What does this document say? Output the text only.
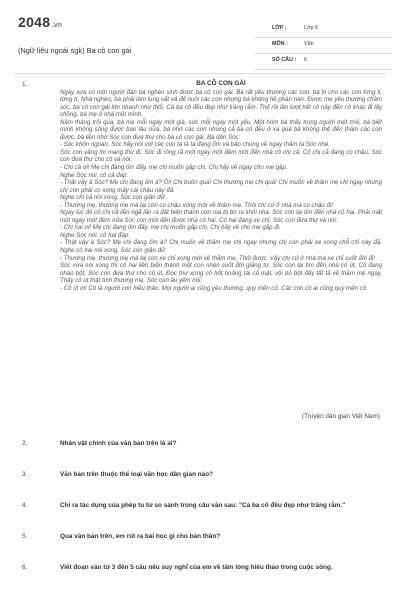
2048.vn
(Ngữ liệu ngoài sgk) Ba cô con gái
LỚP :	Lớp 6
MÔN :	Văn
SỐ CÂU : 6
1.	BA CÔ CON GÁI

Ngày xưa có một người đàn bà nghèo sinh được ba cô con gái. Bà rất yêu thương các con, bà lo cho các con từng li, từng tí. Nhà nghèo, bà phải làm lụng vất vả để nuôi các con nhưng bà không hề phàn nàn. Được mẹ yêu thương chăm sóc, ba cô con gái lớn nhanh như thổi. Cả ba cô đều đẹp như trăng rằm. Thế rồi lần lượt hết cô này đến cô khác đi lấy chồng, bà mẹ ở nhà một mình.

Năm tháng trôi qua, bà mẹ mỗi ngày một già, sức mỗi ngày một yếu. Một hôm bà thấy trong người mệt mỏi, bà biết mình không sống được bao lâu nữa, bà nhớ các con nhưng cả ba cô đều ở xa quá bà không thể đến thăm các con được, bà liền nhờ Sóc con đưa thư cho ba cô con gái. Bà dặn Sóc:

- Sóc khôn ngoan, Sóc hãy nói với các con ta là ta đang ốm và bảo chúng về ngay thăm ta Sóc nhé.

Sóc con vâng lời mang thư đi. Sóc đi ròng rã một ngày một đêm mới đến nhà cô chị cả. Cô chị cả đang cọ chậu. Sóc con đưa thư cho cô và nói:

- Chị cả ơi! Mẹ chị đang ốm đấy, mẹ chị muốn gặp chị. Chị hãy về ngay cho mẹ gặp.

Nghe Sóc nói, cô cả đáp:

- Thật vậy à Sóc? Mẹ chị đang ốm à? Ôi! Chị buồn quá! Chị thương mẹ chị quá! Chị muốn về thăm mẹ chị ngay nhưng chị còn phải cọ xong mấy cái chậu này đã.

Nghe chị cả nói xong, Sóc con giận dữ:

- Thương mẹ, thương mẹ mà lại còn cọ chậu xong mới về thăm mẹ. Thôi chị cứ ở nhà mà cọ chậu đi!

Ngay lúc đó cô chị cả liền ngã lăn ra đất biến thành con rùa to bò ra khỏi nhà. Sóc con lại tìm đến nhà cô hai. Phải mất một ngày một đêm nữa Sóc con mới đến được nhà cô hai. Cô hai đang xe chỉ. Sóc con đưa thư và nói:

- Chị hai ơi! Mẹ chị đang ốm đấy, mẹ chị muốn gặp chị. Chị hãy về cho mẹ gặp đi.

Nghe Sóc nói, cô hai đáp:

- Thật vậy à Sóc? Mẹ chị đang ốm à? Chị muốn về thăm mẹ chị ngay nhưng chị còn phải xe xong chỗ chỉ này đã. Nghe cô hai nói xong, Sóc con giận dữ:

- Thương mẹ, thương mẹ mà lại còn xe chỉ xong mới về thăm mẹ. Thôi được. Vậy chị cứ ở nhà mà xe chỉ suốt đời đi!

Sóc vừa nói xong thì cô hai liền biến thành một con nhện suốt đời giăng tơ. Sóc con lại tìm đến nhà cô út. Cô đang nhào bột. Sóc con đưa thư cho cô út. Đọc thư xong cô hốt hoảng tái cả mặt, vội bỏ bột đấy tất tả về thăm mẹ ngay. Thấy cô út thật tình thương mẹ, Sóc con âu yếm nói:

- Cô út ơi! Cô là người con hiếu thảo. Mọi người ai cũng yêu thương, quý mến cô. Các con cô ai cũng quý mến cô.

(Truyện dân gian Việt Nam)
2.	Nhân vật chính của văn bản trên là ai?
3.	Văn bản trên thuộc thể loại văn học dân gian nào?
4.	Chỉ ra tác dụng của phép tu từ so sánh trong câu văn sau: "Cả ba cô đều đẹp như trăng rằm."
5.	Qua văn bản trên, em rút ra bài học gì cho bản thân?
6.	Viết đoạn văn từ 3 đến 5 câu nêu suy nghĩ của em về tấm lòng hiếu thảo trong cuộc sống.
